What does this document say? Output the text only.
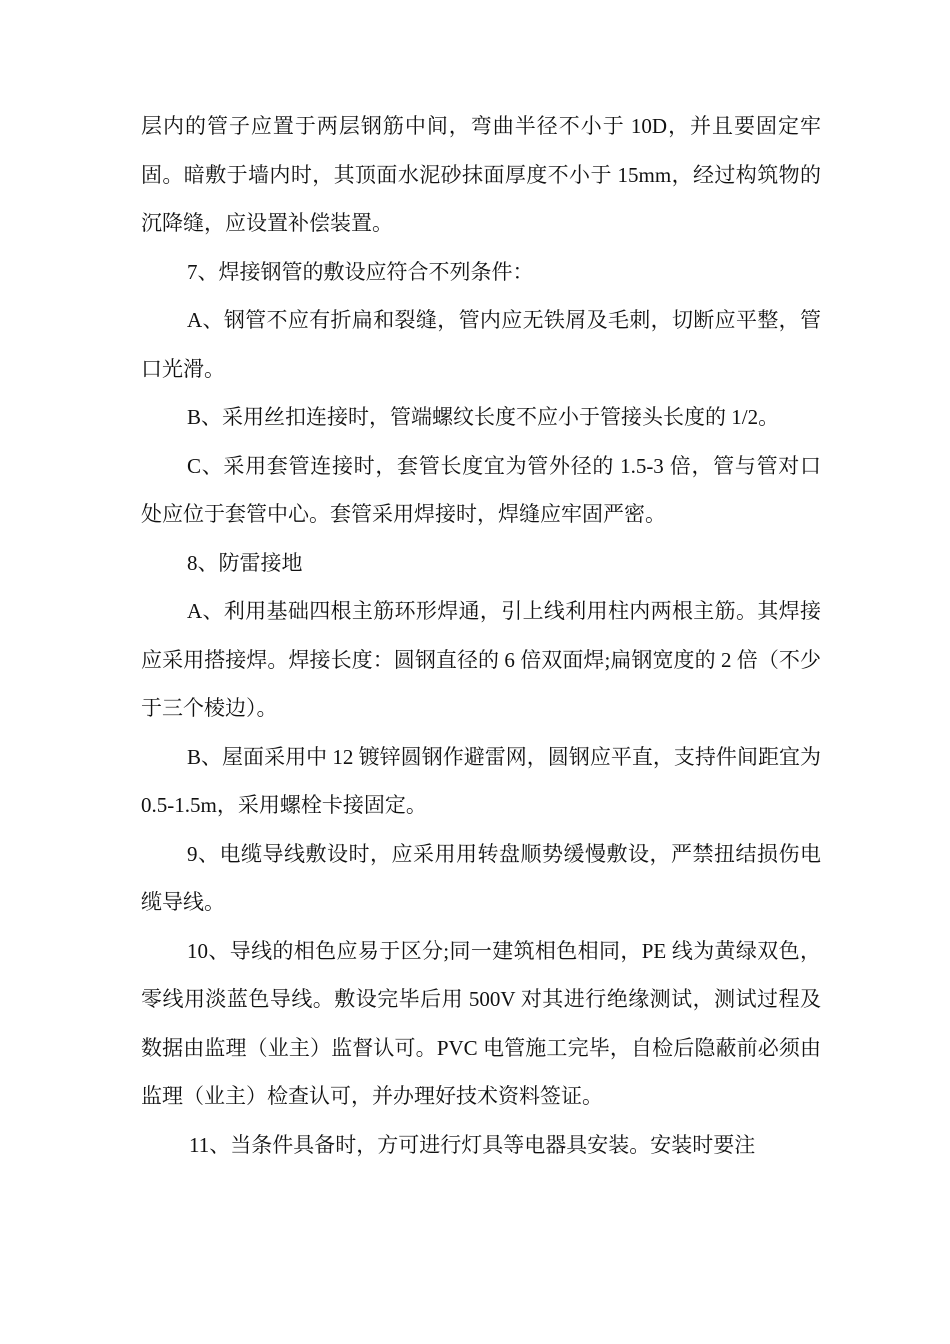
层内的管子应置于两层钢筋中间，弯曲半径不小于 10D，并且要固定牢固。暗敷于墙内时，其顶面水泥砂抹面厚度不小于 15mm，经过构筑物的沉降缝，应设置补偿装置。

7、焊接钢管的敷设应符合不列条件：

A、钢管不应有折扁和裂缝，管内应无铁屑及毛刺，切断应平整，管口光滑。

B、采用丝扣连接时，管端螺纹长度不应小于管接头长度的 1/2。

C、采用套管连接时，套管长度宜为管外径的 1.5-3 倍，管与管对口处应位于套管中心。套管采用焊接时，焊缝应牢固严密。

8、防雷接地

A、利用基础四根主筋环形焊通，引上线利用柱内两根主筋。其焊接应采用搭接焊。焊接长度：圆钢直径的 6 倍双面焊;扁钢宽度的 2 倍（不少于三个棱边）。

B、屋面采用中 12 镀锌圆钢作避雷网，圆钢应平直，支持件间距宜为 0.5-1.5m，采用螺栓卡接固定。

9、电缆导线敷设时，应采用用转盘顺势缓慢敷设，严禁扭结损伤电缆导线。

10、导线的相色应易于区分;同一建筑相色相同，PE 线为黄绿双色，零线用淡蓝色导线。敷设完毕后用 500V 对其进行绝缘测试，测试过程及数据由监理（业主）监督认可。PVC 电管施工完毕，自检后隐蔽前必须由监理（业主）检查认可，并办理好技术资料签证。

11、当条件具备时，方可进行灯具等电器具安装。安装时要注
